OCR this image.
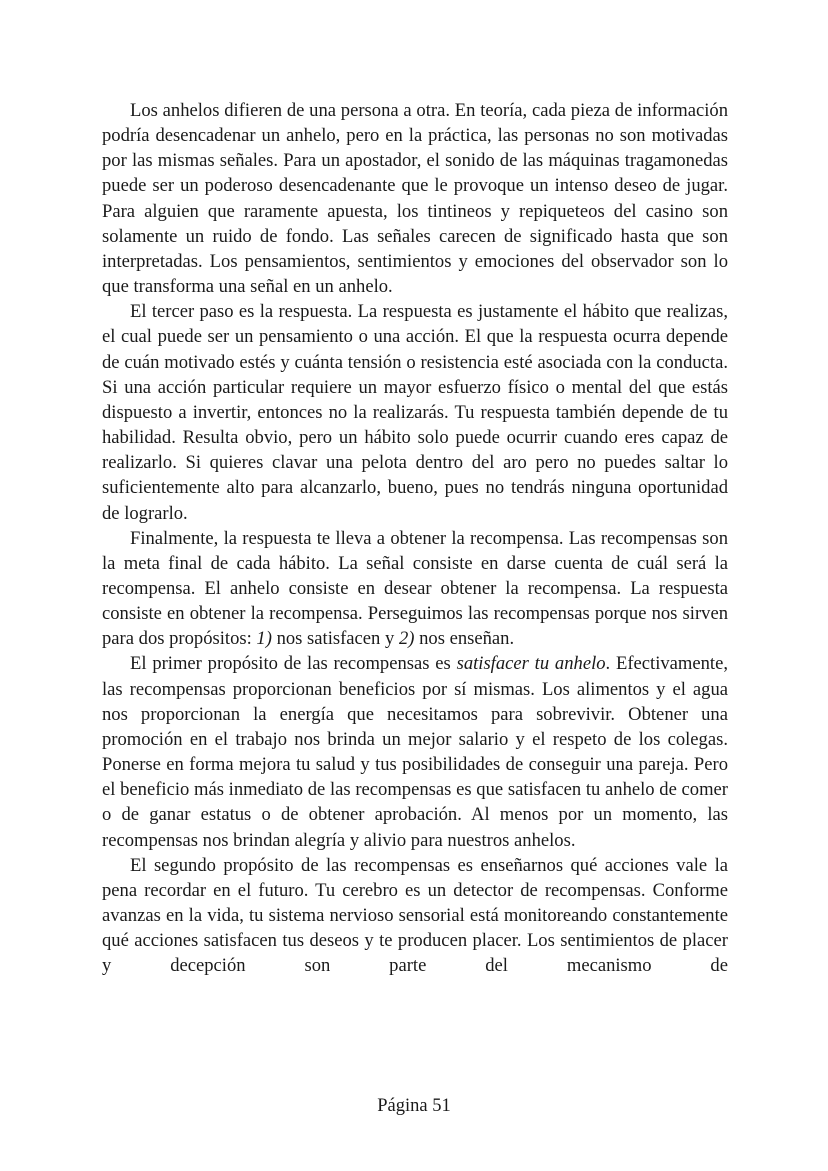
Los anhelos difieren de una persona a otra. En teoría, cada pieza de información podría desencadenar un anhelo, pero en la práctica, las personas no son motivadas por las mismas señales. Para un apostador, el sonido de las máquinas tragamonedas puede ser un poderoso desencadenante que le provoque un intenso deseo de jugar. Para alguien que raramente apuesta, los tintineos y repiqueteos del casino son solamente un ruido de fondo. Las señales carecen de significado hasta que son interpretadas. Los pensamientos, sentimientos y emociones del observador son lo que transforma una señal en un anhelo.

El tercer paso es la respuesta. La respuesta es justamente el hábito que realizas, el cual puede ser un pensamiento o una acción. El que la respuesta ocurra depende de cuán motivado estés y cuánta tensión o resistencia esté asociada con la conducta. Si una acción particular requiere un mayor esfuerzo físico o mental del que estás dispuesto a invertir, entonces no la realizarás. Tu respuesta también depende de tu habilidad. Resulta obvio, pero un hábito solo puede ocurrir cuando eres capaz de realizarlo. Si quieres clavar una pelota dentro del aro pero no puedes saltar lo suficientemente alto para alcanzarlo, bueno, pues no tendrás ninguna oportunidad de lograrlo.

Finalmente, la respuesta te lleva a obtener la recompensa. Las recompensas son la meta final de cada hábito. La señal consiste en darse cuenta de cuál será la recompensa. El anhelo consiste en desear obtener la recompensa. La respuesta consiste en obtener la recompensa. Perseguimos las recompensas porque nos sirven para dos propósitos: 1) nos satisfacen y 2) nos enseñan.

El primer propósito de las recompensas es satisfacer tu anhelo. Efectivamente, las recompensas proporcionan beneficios por sí mismas. Los alimentos y el agua nos proporcionan la energía que necesitamos para sobrevivir. Obtener una promoción en el trabajo nos brinda un mejor salario y el respeto de los colegas. Ponerse en forma mejora tu salud y tus posibilidades de conseguir una pareja. Pero el beneficio más inmediato de las recompensas es que satisfacen tu anhelo de comer o de ganar estatus o de obtener aprobación. Al menos por un momento, las recompensas nos brindan alegría y alivio para nuestros anhelos.

El segundo propósito de las recompensas es enseñarnos qué acciones vale la pena recordar en el futuro. Tu cerebro es un detector de recompensas. Conforme avanzas en la vida, tu sistema nervioso sensorial está monitoreando constantemente qué acciones satisfacen tus deseos y te producen placer. Los sentimientos de placer y decepción son parte del mecanismo de

Página 51
